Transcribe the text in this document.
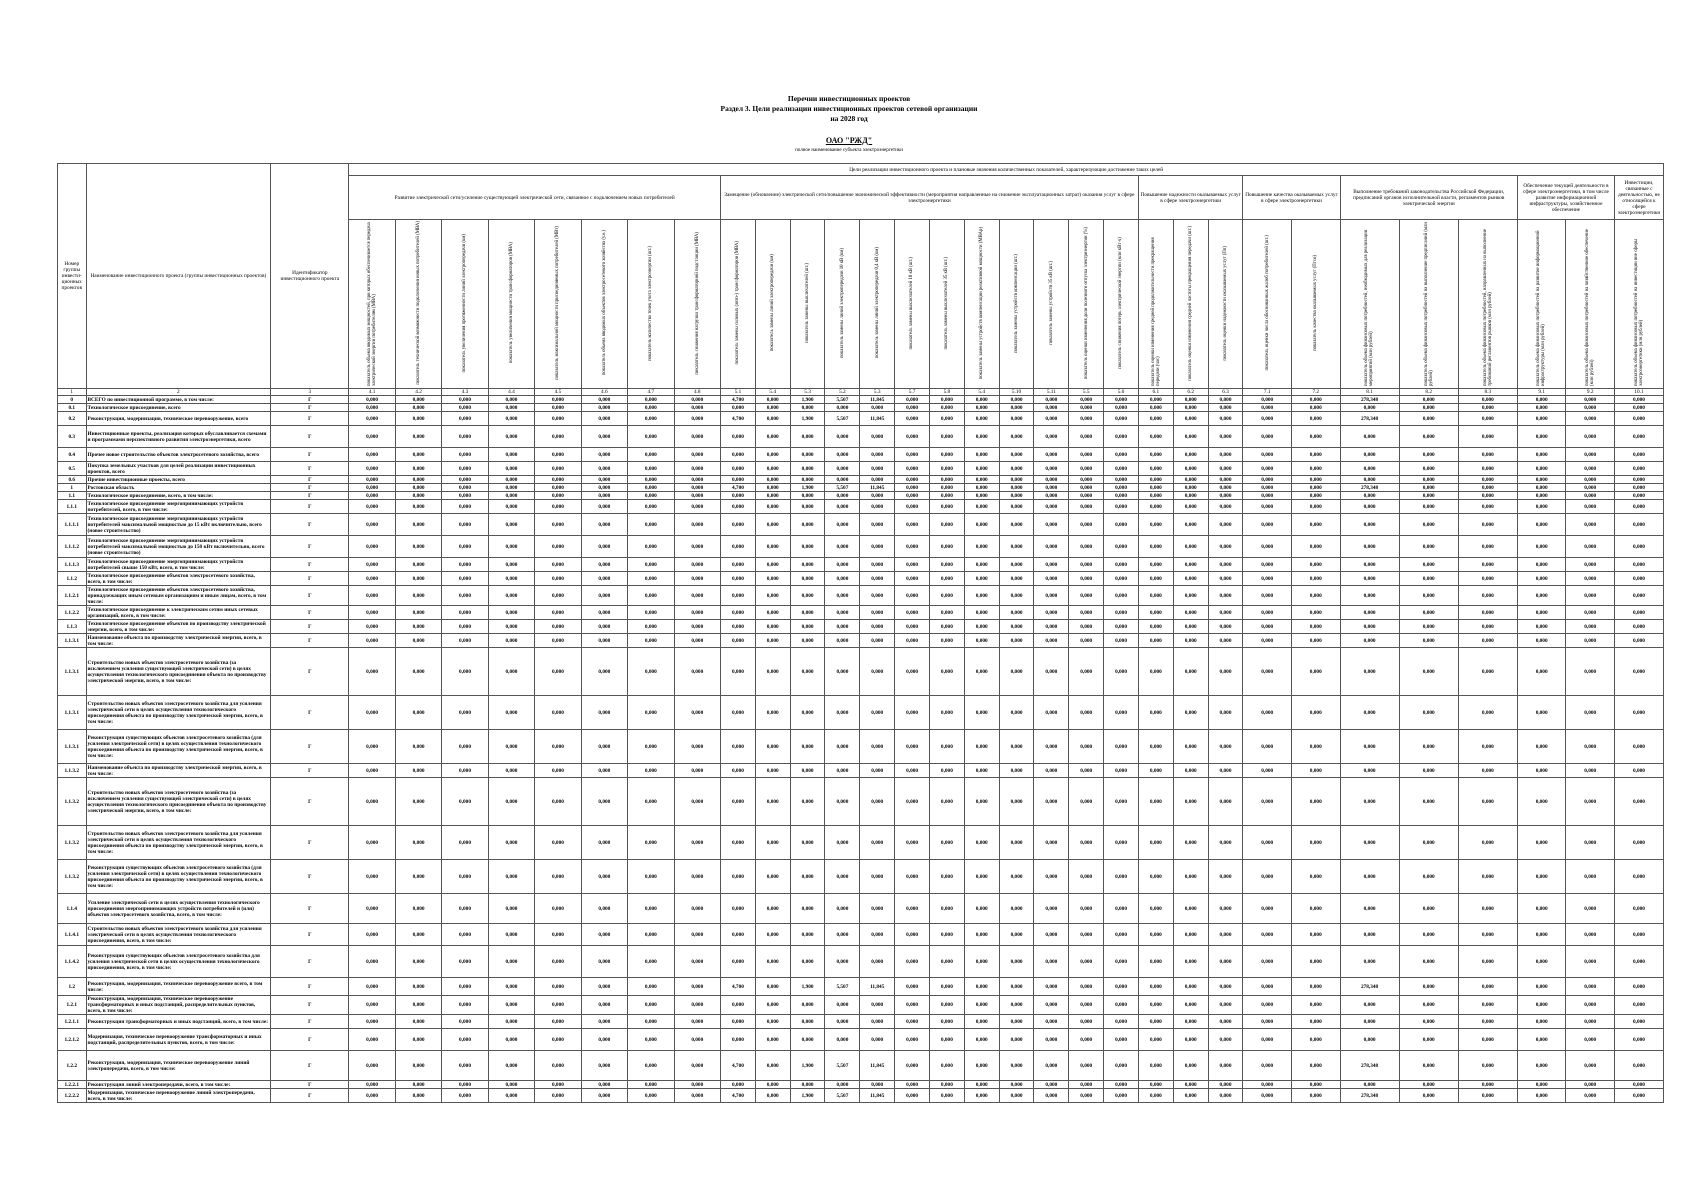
Перечни инвестиционных проектов
Раздел 3. Цели реализации инвестиционных проектов сетевой организации
на 2028 год
ОАО "РЖД"
полное наименование субъекта электроэнергетики
Номер группы инвести-ционных проектов	Наименование инвестиционного проекта (группы инвестиционных проектов)	Идентификатор инвестиционного проекта	Цели реализации инвестиционного проекта и плановые значения количественных показателей, характеризующие достижение таких целей																														
			Развитие электрической сети/усиление существующей электрической сети, связанное с подключением новых потребителей								Замещение (обновление) электрической сети/повышение экономической эффективности (мероприятия направленные на снижение эксплуатационных затрат) оказания услуг в сфере электроэнергетики												Повышение надежности оказываемых услуг в сфере электроэнергетики			Повышение качества оказываемых услуг в сфере электроэнергетики		Выполнение требований законодательства Российской Федерации, предписаний органов исполнительной власти, регламентов рынков электрической энергии			Обеспечение текущей деятельности в сфере электроэнергетики, в том числе развитие информационной инфраструктуры, хозяйственное обеспечение		Инвестиции, связанные с деятельностью, не относящейся к сфере электроэнергетики
			показатель объема вводимых мощностей, при которых обеспечивается передача электрической энергии потребителям (МВА)	показатель технической возможности подключения новых потребителей (МВА)	показатель увеличения протяженности линий электропередачи (км)	показатель увеличения мощности трансформаторов (МВА)	показатель максимальной мощности присоединяемых потребителей (МВт)	показатель объема вводимых объектов электросетевого хозяйства (у.е.)	показатель количества точек учета электроэнергии (шт.)	показатель снижения нагрузки трансформаторной подстанции (МВА)	показатель замены силовых (авто-) трансформаторов (МВА)	показатель замены линий электропередачи (км)	показатель замены выключателей (шт.)	показатель замены линий электропередачи 10 кВ (км)	показатель замены линий электропередачи 0,4 кВ (км)	показатель замены выключателей 10 кВ (шт.)	показатель замены выключателей 35 кВ (шт.)	показатель замены устройств компенсации реактивной мощности (МВАр)	показатель замены устройств компенсации (шт.)	показатель замены устройств 35 кВ (шт.)	показатель оценки изменения доли полезного отпуска электроэнергии (%)	показатель снижения потерь электрической энергии (млн кВт·ч)	показатель оценки изменения средней продолжительности прекращения передачи (час)	показатель оценки изменения средней частоты прекращения передачи (шт.)	показатель оценки надежности оказываемых услуг (Пп)	показатель оценки числа обоснованных жалоб потребителей (шт.)	показатель качества оказываемых услуг (Птсо)	показатель объема финансовых потребностей, необходимых для реализации мероприятий (млн рублей)	показатель объема финансовых потребностей на выполнение предписаний (млн рублей)	показатель объема финансовых потребностей, направленных на выполнение требований регламентов рынков (млн рублей)	показатель объема финансовых потребностей на развитие информационной инфраструктуры (млн рублей)	показатель объема финансовых потребностей на хозяйственное обеспечение (млн рублей)	показатель объема финансовых потребностей на инвестиции вне сферы электроэнергетики (млн рублей)
1	2	3	4.1	4.2	4.3	4.4	4.5	4.6	4.7	4.8	5.1	5.4	5.3	5.2	5.3	5.7	5.8	5.4	5.10	5.11	5.5	5.6	6.1	6.2	6.3	7.1	7.2	8.1	8.2	8.3	9.1	9.2	10.1
0	ВСЕГО по инвестиционной программе, в том числе:	Г	0,000	0,000	0,000	0,000	0,000	0,000	0,000	0,000	4,700	0,000	1,900	5,507	11,845	0,000	0,000	0,000	0,000	0,000	0,000	0,000	0,000	0,000	0,000	0,000	0,000	278,348	0,000	0,000	0,000	0,000	0,000
0.1	Технологическое присоединение, всего	Г	0,000	0,000	0,000	0,000	0,000	0,000	0,000	0,000	0,000	0,000	0,000	0,000	0,000	0,000	0,000	0,000	0,000	0,000	0,000	0,000	0,000	0,000	0,000	0,000	0,000	0,000	0,000	0,000	0,000	0,000	0,000
0.2	Реконструкция, модернизация, техническое перевооружение, всего	Г	0,000	0,000	0,000	0,000	0,000	0,000	0,000	0,000	4,700	0,000	1,900	5,507	11,845	0,000	0,000	0,000	0,000	0,000	0,000	0,000	0,000	0,000	0,000	0,000	0,000	278,348	0,000	0,000	0,000	0,000	0,000
0.3	Инвестиционные проекты, реализация которых обуславливается схемами и программами перспективного развития электроэнергетики, всего	Г	0,000	0,000	0,000	0,000	0,000	0,000	0,000	0,000	0,000	0,000	0,000	0,000	0,000	0,000	0,000	0,000	0,000	0,000	0,000	0,000	0,000	0,000	0,000	0,000	0,000	0,000	0,000	0,000	0,000	0,000	0,000
0.4	Прочее новое строительство объектов электросетевого хозяйства, всего	Г	0,000	0,000	0,000	0,000	0,000	0,000	0,000	0,000	0,000	0,000	0,000	0,000	0,000	0,000	0,000	0,000	0,000	0,000	0,000	0,000	0,000	0,000	0,000	0,000	0,000	0,000	0,000	0,000	0,000	0,000	0,000
0.5	Покупка земельных участков для целей реализации инвестиционных проектов, всего	Г	0,000	0,000	0,000	0,000	0,000	0,000	0,000	0,000	0,000	0,000	0,000	0,000	0,000	0,000	0,000	0,000	0,000	0,000	0,000	0,000	0,000	0,000	0,000	0,000	0,000	0,000	0,000	0,000	0,000	0,000	0,000
0.6	Прочие инвестиционные проекты, всего	Г	0,000	0,000	0,000	0,000	0,000	0,000	0,000	0,000	0,000	0,000	0,000	0,000	0,000	0,000	0,000	0,000	0,000	0,000	0,000	0,000	0,000	0,000	0,000	0,000	0,000	0,000	0,000	0,000	0,000	0,000	0,000
1	Ростовская область	Г	0,000	0,000	0,000	0,000	0,000	0,000	0,000	0,000	4,700	0,000	1,900	5,507	11,845	0,000	0,000	0,000	0,000	0,000	0,000	0,000	0,000	0,000	0,000	0,000	0,000	278,348	0,000	0,000	0,000	0,000	0,000
1.1	Технологическое присоединение, всего, в том числе:	Г	0,000	0,000	0,000	0,000	0,000	0,000	0,000	0,000	0,000	0,000	0,000	0,000	0,000	0,000	0,000	0,000	0,000	0,000	0,000	0,000	0,000	0,000	0,000	0,000	0,000	0,000	0,000	0,000	0,000	0,000	0,000
1.1.1	Технологическое присоединение энергопринимающих устройств потребителей, всего, в том числе:	Г	0,000	0,000	0,000	0,000	0,000	0,000	0,000	0,000	0,000	0,000	0,000	0,000	0,000	0,000	0,000	0,000	0,000	0,000	0,000	0,000	0,000	0,000	0,000	0,000	0,000	0,000	0,000	0,000	0,000	0,000	0,000
1.1.1.1	Технологическое присоединение энергопринимающих устройств потребителей максимальной мощностью до 15 кВт включительно, всего (новое строительство)	Г	0,000	0,000	0,000	0,000	0,000	0,000	0,000	0,000	0,000	0,000	0,000	0,000	0,000	0,000	0,000	0,000	0,000	0,000	0,000	0,000	0,000	0,000	0,000	0,000	0,000	0,000	0,000	0,000	0,000	0,000	0,000
1.1.1.2	Технологическое присоединение энергопринимающих устройств потребителей максимальной мощностью до 150 кВт включительно, всего (новое строительство)	Г	0,000	0,000	0,000	0,000	0,000	0,000	0,000	0,000	0,000	0,000	0,000	0,000	0,000	0,000	0,000	0,000	0,000	0,000	0,000	0,000	0,000	0,000	0,000	0,000	0,000	0,000	0,000	0,000	0,000	0,000	0,000
1.1.1.3	Технологическое присоединение энергопринимающих устройств потребителей свыше 150 кВт, всего, в том числе:	Г	0,000	0,000	0,000	0,000	0,000	0,000	0,000	0,000	0,000	0,000	0,000	0,000	0,000	0,000	0,000	0,000	0,000	0,000	0,000	0,000	0,000	0,000	0,000	0,000	0,000	0,000	0,000	0,000	0,000	0,000	0,000
1.1.2	Технологическое присоединение объектов электросетевого хозяйства, всего, в том числе:	Г	0,000	0,000	0,000	0,000	0,000	0,000	0,000	0,000	0,000	0,000	0,000	0,000	0,000	0,000	0,000	0,000	0,000	0,000	0,000	0,000	0,000	0,000	0,000	0,000	0,000	0,000	0,000	0,000	0,000	0,000	0,000
1.1.2.1	Технологическое присоединение объектов электросетевого хозяйства, принадлежащих иным сетевым организациям и иным лицам, всего, в том числе:	Г	0,000	0,000	0,000	0,000	0,000	0,000	0,000	0,000	0,000	0,000	0,000	0,000	0,000	0,000	0,000	0,000	0,000	0,000	0,000	0,000	0,000	0,000	0,000	0,000	0,000	0,000	0,000	0,000	0,000	0,000	0,000
1.1.2.2	Технологическое присоединение к электрическим сетям иных сетевых организаций, всего, в том числе:	Г	0,000	0,000	0,000	0,000	0,000	0,000	0,000	0,000	0,000	0,000	0,000	0,000	0,000	0,000	0,000	0,000	0,000	0,000	0,000	0,000	0,000	0,000	0,000	0,000	0,000	0,000	0,000	0,000	0,000	0,000	0,000
1.1.3	Технологическое присоединение объектов по производству электрической энергии, всего, в том числе:	Г	0,000	0,000	0,000	0,000	0,000	0,000	0,000	0,000	0,000	0,000	0,000	0,000	0,000	0,000	0,000	0,000	0,000	0,000	0,000	0,000	0,000	0,000	0,000	0,000	0,000	0,000	0,000	0,000	0,000	0,000	0,000
1.1.3.1	Наименование объекта по производству электрической энергии, всего, в том числе:	Г	0,000	0,000	0,000	0,000	0,000	0,000	0,000	0,000	0,000	0,000	0,000	0,000	0,000	0,000	0,000	0,000	0,000	0,000	0,000	0,000	0,000	0,000	0,000	0,000	0,000	0,000	0,000	0,000	0,000	0,000	0,000
1.1.3.1	Строительство новых объектов электросетевого хозяйства (за исключением усиления существующей электрической сети) в целях осуществления технологического присоединения объекта по производству электрической энергии, всего, в том числе:	Г	0,000	0,000	0,000	0,000	0,000	0,000	0,000	0,000	0,000	0,000	0,000	0,000	0,000	0,000	0,000	0,000	0,000	0,000	0,000	0,000	0,000	0,000	0,000	0,000	0,000	0,000	0,000	0,000	0,000	0,000	0,000
1.1.3.1	Строительство новых объектов электросетевого хозяйства для усиления электрической сети в целях осуществления технологического присоединения объекта по производству электрической энергии, всего, в том числе:	Г	0,000	0,000	0,000	0,000	0,000	0,000	0,000	0,000	0,000	0,000	0,000	0,000	0,000	0,000	0,000	0,000	0,000	0,000	0,000	0,000	0,000	0,000	0,000	0,000	0,000	0,000	0,000	0,000	0,000	0,000	0,000
1.1.3.1	Реконструкция существующих объектов электросетевого хозяйства (для усиления электрической сети) в целях осуществления технологического присоединения объекта по производству электрической энергии, всего, в том числе:	Г	0,000	0,000	0,000	0,000	0,000	0,000	0,000	0,000	0,000	0,000	0,000	0,000	0,000	0,000	0,000	0,000	0,000	0,000	0,000	0,000	0,000	0,000	0,000	0,000	0,000	0,000	0,000	0,000	0,000	0,000	0,000
1.1.3.2	Наименование объекта по производству электрической энергии, всего, в том числе:	Г	0,000	0,000	0,000	0,000	0,000	0,000	0,000	0,000	0,000	0,000	0,000	0,000	0,000	0,000	0,000	0,000	0,000	0,000	0,000	0,000	0,000	0,000	0,000	0,000	0,000	0,000	0,000	0,000	0,000	0,000	0,000
1.1.3.2	Строительство новых объектов электросетевого хозяйства (за исключением усиления существующей электрической сети) в целях осуществления технологического присоединения объекта по производству электрической энергии, всего, в том числе:	Г	0,000	0,000	0,000	0,000	0,000	0,000	0,000	0,000	0,000	0,000	0,000	0,000	0,000	0,000	0,000	0,000	0,000	0,000	0,000	0,000	0,000	0,000	0,000	0,000	0,000	0,000	0,000	0,000	0,000	0,000	0,000
1.1.3.2	Строительство новых объектов электросетевого хозяйства для усиления электрической сети в целях осуществления технологического присоединения объекта по производству электрической энергии, всего, в том числе:	Г	0,000	0,000	0,000	0,000	0,000	0,000	0,000	0,000	0,000	0,000	0,000	0,000	0,000	0,000	0,000	0,000	0,000	0,000	0,000	0,000	0,000	0,000	0,000	0,000	0,000	0,000	0,000	0,000	0,000	0,000	0,000
1.1.3.2	Реконструкция существующих объектов электросетевого хозяйства (для усиления электрической сети) в целях осуществления технологического присоединения объекта по производству электрической энергии, всего, в том числе:	Г	0,000	0,000	0,000	0,000	0,000	0,000	0,000	0,000	0,000	0,000	0,000	0,000	0,000	0,000	0,000	0,000	0,000	0,000	0,000	0,000	0,000	0,000	0,000	0,000	0,000	0,000	0,000	0,000	0,000	0,000	0,000
1.1.4	Усиление электрической сети в целях осуществления технологического присоединения энергопринимающих устройств потребителей и (или) объектов электросетевого хозяйства, всего, в том числе:	Г	0,000	0,000	0,000	0,000	0,000	0,000	0,000	0,000	0,000	0,000	0,000	0,000	0,000	0,000	0,000	0,000	0,000	0,000	0,000	0,000	0,000	0,000	0,000	0,000	0,000	0,000	0,000	0,000	0,000	0,000	0,000
1.1.4.1	Строительство новых объектов электросетевого хозяйства для усиления электрической сети в целях осуществления технологического присоединения, всего, в том числе:	Г	0,000	0,000	0,000	0,000	0,000	0,000	0,000	0,000	0,000	0,000	0,000	0,000	0,000	0,000	0,000	0,000	0,000	0,000	0,000	0,000	0,000	0,000	0,000	0,000	0,000	0,000	0,000	0,000	0,000	0,000	0,000
1.1.4.2	Реконструкция существующих объектов электросетевого хозяйства для усиления электрической сети в целях осуществления технологического присоединения, всего, в том числе:	Г	0,000	0,000	0,000	0,000	0,000	0,000	0,000	0,000	0,000	0,000	0,000	0,000	0,000	0,000	0,000	0,000	0,000	0,000	0,000	0,000	0,000	0,000	0,000	0,000	0,000	0,000	0,000	0,000	0,000	0,000	0,000
1.2	Реконструкция, модернизация, техническое перевооружение всего, в том числе:	Г	0,000	0,000	0,000	0,000	0,000	0,000	0,000	0,000	4,700	0,000	1,900	5,507	11,845	0,000	0,000	0,000	0,000	0,000	0,000	0,000	0,000	0,000	0,000	0,000	0,000	278,348	0,000	0,000	0,000	0,000	0,000
1.2.1	Реконструкция, модернизация, техническое перевооружение трансформаторных и иных подстанций, распределительных пунктов, всего, в том числе:	Г	0,000	0,000	0,000	0,000	0,000	0,000	0,000	0,000	0,000	0,000	0,000	0,000	0,000	0,000	0,000	0,000	0,000	0,000	0,000	0,000	0,000	0,000	0,000	0,000	0,000	0,000	0,000	0,000	0,000	0,000	0,000
1.2.1.1	Реконструкция трансформаторных и иных подстанций, всего, в том числе:	Г	0,000	0,000	0,000	0,000	0,000	0,000	0,000	0,000	0,000	0,000	0,000	0,000	0,000	0,000	0,000	0,000	0,000	0,000	0,000	0,000	0,000	0,000	0,000	0,000	0,000	0,000	0,000	0,000	0,000	0,000	0,000
1.2.1.2	Модернизация, техническое перевооружение трансформаторных и иных подстанций, распределительных пунктов, всего, в том числе:	Г	0,000	0,000	0,000	0,000	0,000	0,000	0,000	0,000	0,000	0,000	0,000	0,000	0,000	0,000	0,000	0,000	0,000	0,000	0,000	0,000	0,000	0,000	0,000	0,000	0,000	0,000	0,000	0,000	0,000	0,000	0,000
1.2.2	Реконструкция, модернизация, техническое перевооружение линий электропередачи, всего, в том числе:	Г	0,000	0,000	0,000	0,000	0,000	0,000	0,000	0,000	4,700	0,000	1,900	5,507	11,845	0,000	0,000	0,000	0,000	0,000	0,000	0,000	0,000	0,000	0,000	0,000	0,000	278,348	0,000	0,000	0,000	0,000	0,000
1.2.2.1	Реконструкция линий электропередачи, всего, в том числе:	Г	0,000	0,000	0,000	0,000	0,000	0,000	0,000	0,000	0,000	0,000	0,000	0,000	0,000	0,000	0,000	0,000	0,000	0,000	0,000	0,000	0,000	0,000	0,000	0,000	0,000	0,000	0,000	0,000	0,000	0,000	0,000
1.2.2.2	Модернизация, техническое перевооружение линий электропередачи, всего, в том числе:	Г	0,000	0,000	0,000	0,000	0,000	0,000	0,000	0,000	4,700	0,000	1,900	5,507	11,845	0,000	0,000	0,000	0,000	0,000	0,000	0,000	0,000	0,000	0,000	0,000	0,000	278,348	0,000	0,000	0,000	0,000	0,000
